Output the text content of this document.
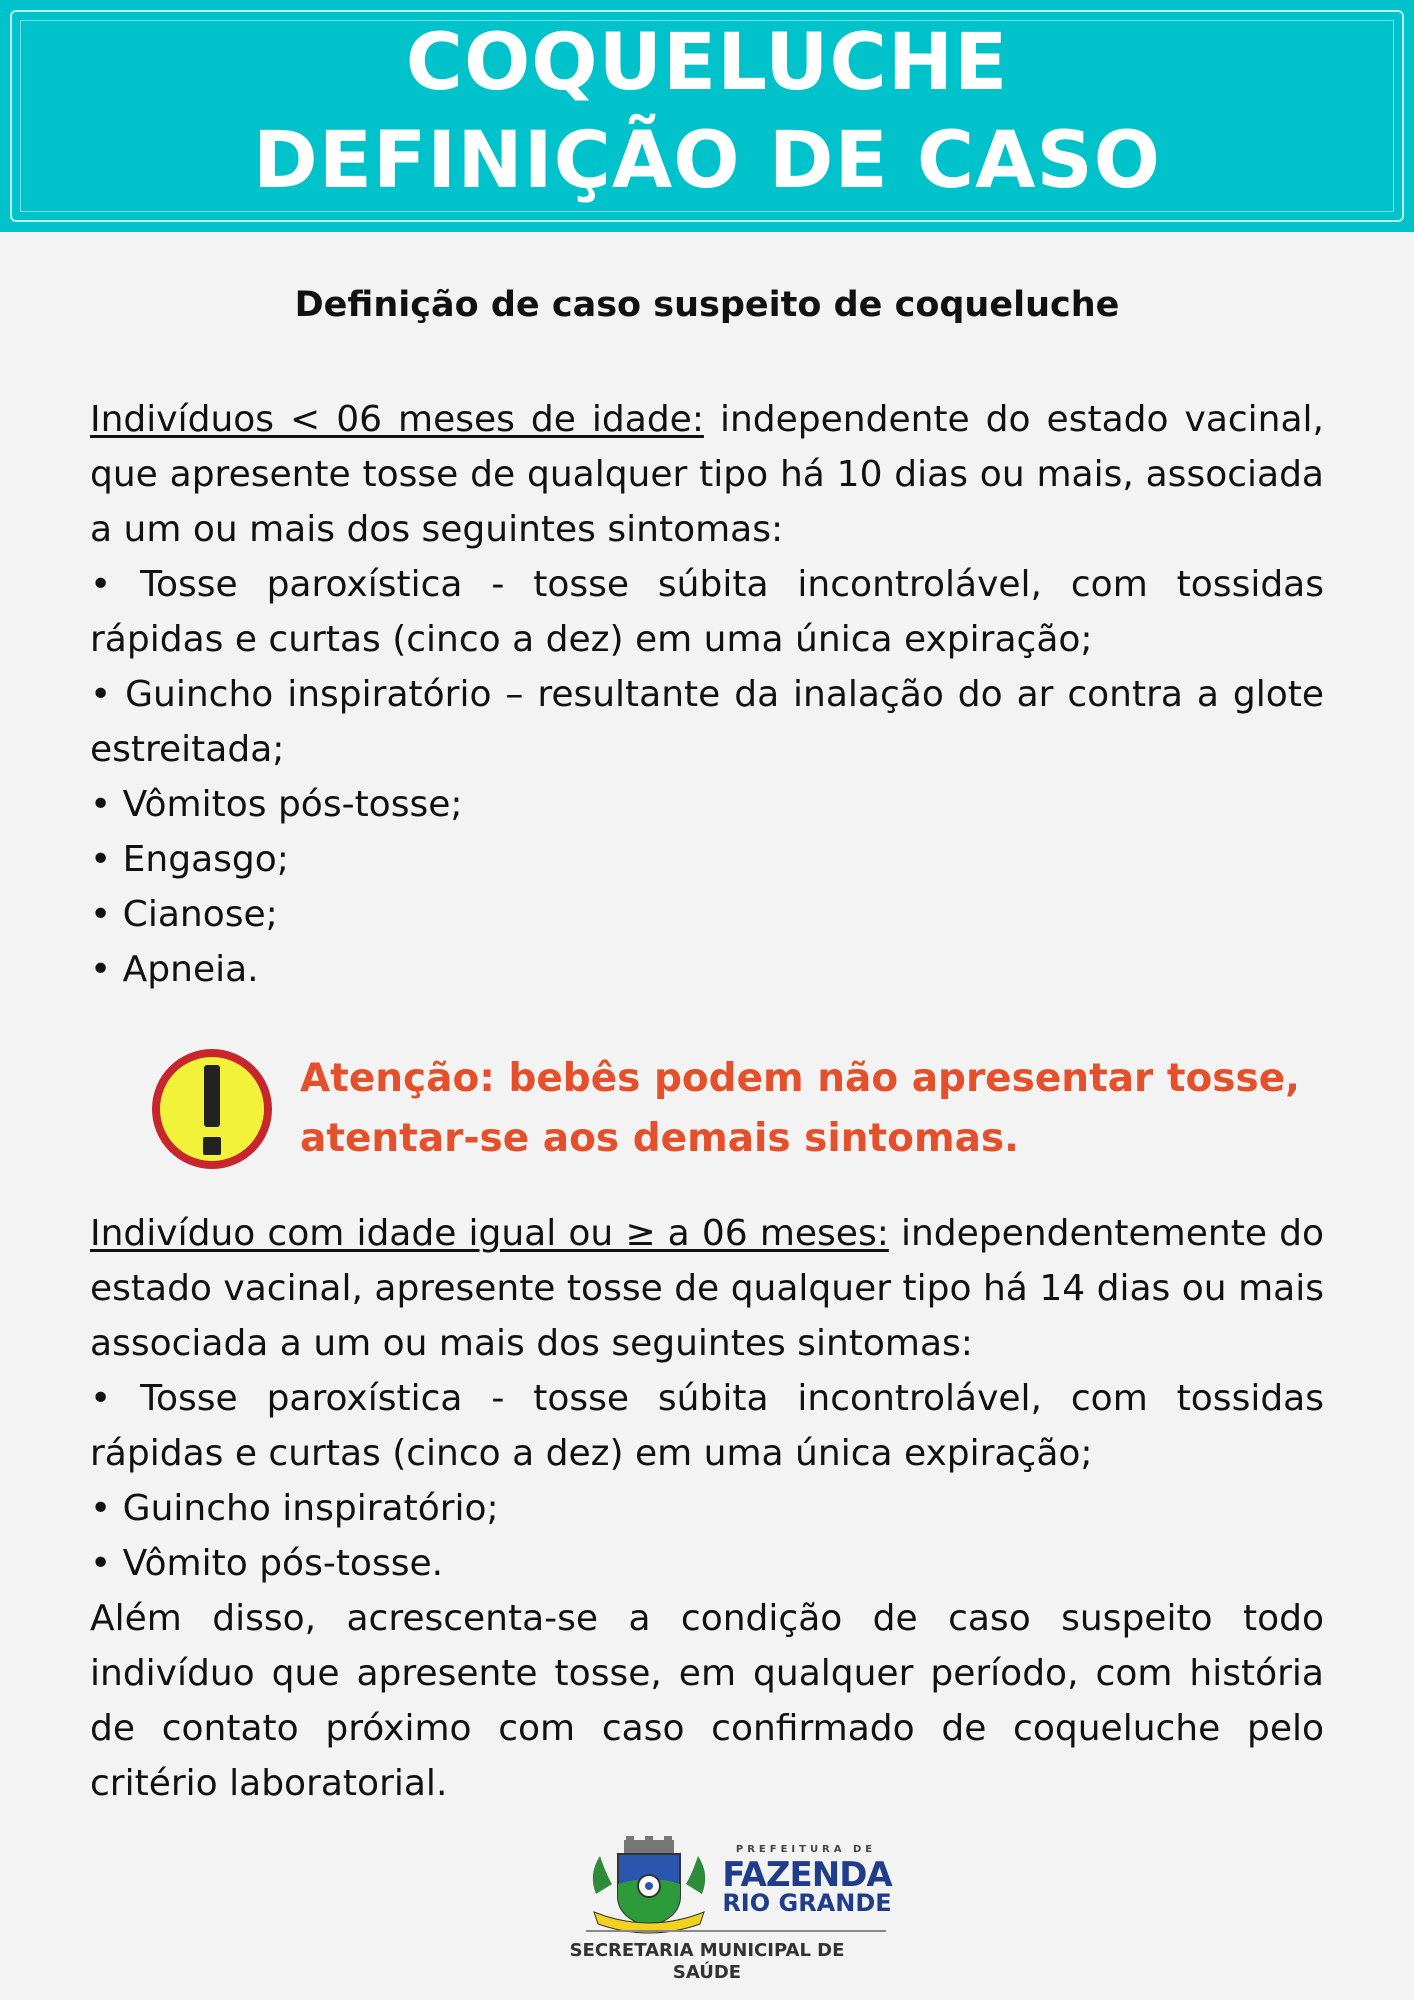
COQUELUCHE
DEFINIÇÃO DE CASO
Definição de caso suspeito de coqueluche

Indivíduos < 06 meses de idade: independente do estado vacinal, que apresente tosse de qualquer tipo há 10 dias ou mais, associada a um ou mais dos seguintes sintomas:

• Tosse paroxística - tosse súbita incontrolável, com tossidas rápidas e curtas (cinco a dez) em uma única expiração;

• Guincho inspiratório – resultante da inalação do ar contra a glote estreitada;

• Vômitos pós-tosse;

• Engasgo;

• Cianose;

• Apneia.

Atenção: bebês podem não apresentar tosse,
atentar-se aos demais sintomas.

Indivíduo com idade igual ou ≥ a 06 meses: independentemente do estado vacinal, apresente tosse de qualquer tipo há 14 dias ou mais associada a um ou mais dos seguintes sintomas:

• Tosse paroxística - tosse súbita incontrolável, com tossidas rápidas e curtas (cinco a dez) em uma única expiração;

• Guincho inspiratório;

• Vômito pós-tosse.

Além disso, acrescenta-se a condição de caso suspeito todo indivíduo que apresente tosse, em qualquer período, com história de contato próximo com caso confirmado de coqueluche pelo critério laboratorial.

PREFEITURA DE
FAZENDA
RIO GRANDE
SECRETARIA MUNICIPAL DE
SAÚDE
